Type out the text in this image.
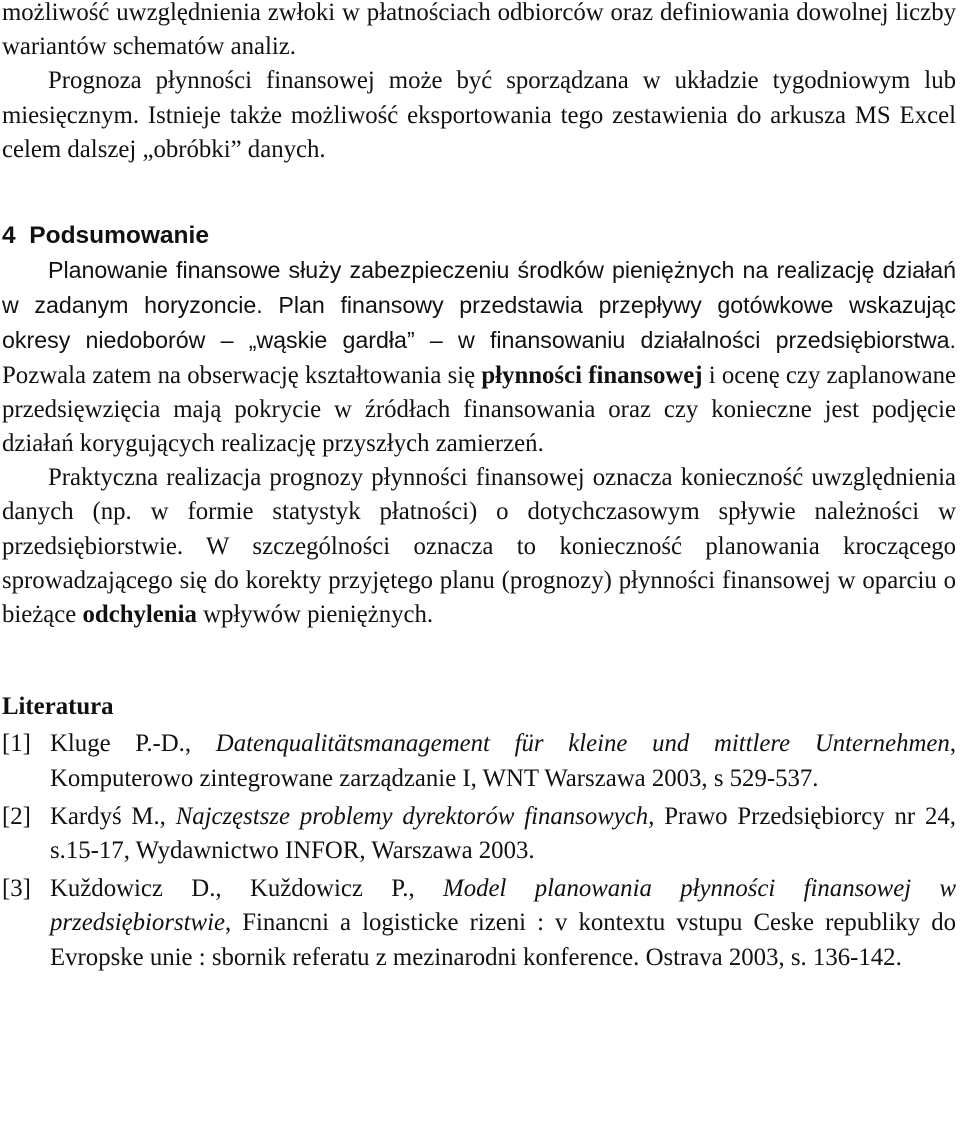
możliwość uwzględnienia zwłoki w płatnościach odbiorców oraz definiowania dowolnej liczby wariantów schematów analiz.

Prognoza płynności finansowej może być sporządzana w układzie tygodniowym lub miesięcznym. Istnieje także możliwość eksportowania tego zestawienia do arkusza MS Excel celem dalszej „obróbki” danych.

4 Podsumowanie

Planowanie finansowe służy zabezpieczeniu środków pieniężnych na realizację działań w zadanym horyzoncie. Plan finansowy przedstawia przepływy gotówkowe wskazując okresy niedoborów – „wąskie gardła” – w finansowaniu działalności przedsiębiorstwa. Pozwala zatem na obserwację kształtowania się płynności finansowej i ocenę czy zaplanowane przedsięwzięcia mają pokrycie w źródłach finansowania oraz czy konieczne jest podjęcie działań korygujących realizację przyszłych zamierzeń.

Praktyczna realizacja prognozy płynności finansowej oznacza konieczność uwzględnienia danych (np. w formie statystyk płatności) o dotychczasowym spływie należności w przedsiębiorstwie. W szczególności oznacza to konieczność planowania kroczącego sprowadzającego się do korekty przyjętego planu (prognozy) płynności finansowej w oparciu o bieżące odchylenia wpływów pieniężnych.

Literatura
[1] Kluge P.-D., Datenqualitätsmanagement für kleine und mittlere Unternehmen, Komputerowo zintegrowane zarządzanie I, WNT Warszawa 2003, s 529-537.
[2] Kardyś M., Najczęstsze problemy dyrektorów finansowych, Prawo Przedsiębiorcy nr 24, s.15-17, Wydawnictwo INFOR, Warszawa 2003.
[3] Kuždowicz D., Kuždowicz P., Model planowania płynności finansowej w przedsiębiorstwie, Financni a logisticke rizeni : v kontextu vstupu Ceske republiky do Evropske unie : sbornik referatu z mezinarodni konference. Ostrava 2003, s. 136-142.
